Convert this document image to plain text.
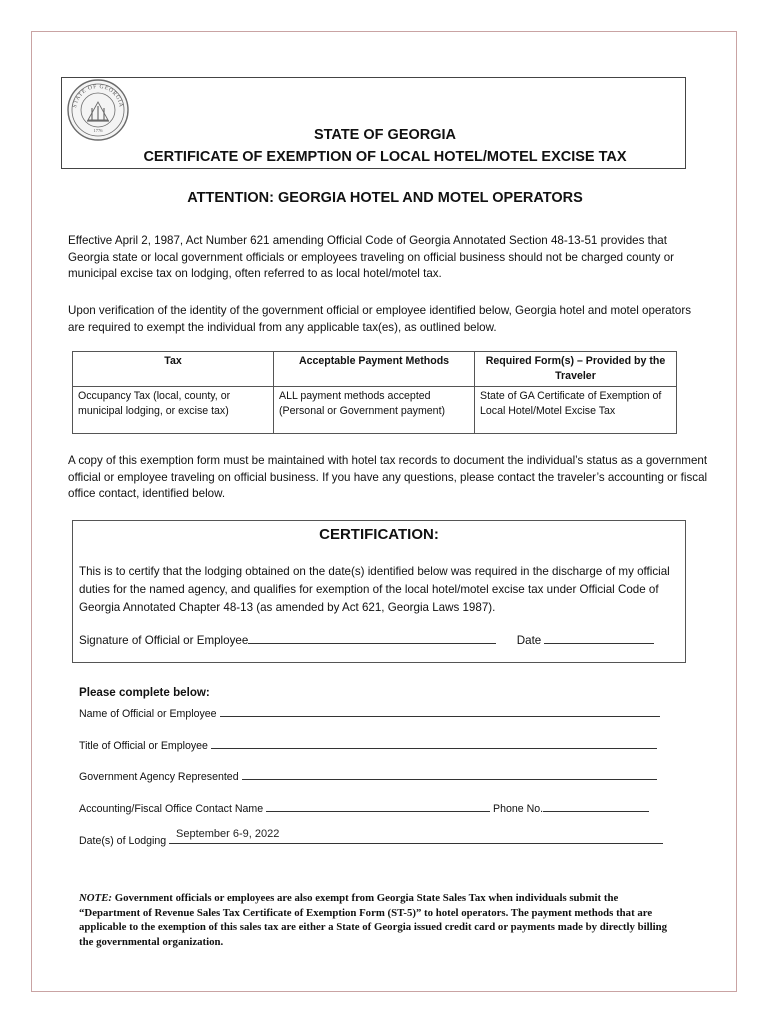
STATE OF GEORGIA
1776	STATE OF GEORGIA
CERTIFICATE OF EXEMPTION OF LOCAL HOTEL/MOTEL EXCISE TAX
ATTENTION: GEORGIA HOTEL AND MOTEL OPERATORS
Effective April 2, 1987, Act Number 621 amending Official Code of Georgia Annotated Section 48-13-51 provides that Georgia state or local government officials or employees traveling on official business should not be charged county or municipal excise tax on lodging, often referred to as local hotel/motel tax.
Upon verification of the identity of the government official or employee identified below, Georgia hotel and motel operators are required to exempt the individual from any applicable tax(es), as outlined below.
Tax	Acceptable Payment Methods	Required Form(s) – Provided by the Traveler
Occupancy Tax (local, county, or municipal lodging, or excise tax)	ALL payment methods accepted (Personal or Government payment)	State of GA Certificate of Exemption of Local Hotel/Motel Excise Tax
A copy of this exemption form must be maintained with hotel tax records to document the individual’s status as a government official or employee traveling on official business. If you have any questions, please contact the traveler’s accounting or fiscal office contact, identified below.
CERTIFICATION:
This is to certify that the lodging obtained on the date(s) identified below was required in the discharge of my official duties for the named agency, and qualifies for exemption of the local hotel/motel excise tax under Official Code of Georgia Annotated Chapter 48-13 (as amended by Act 621, Georgia Laws 1987).
Signature of Official or Employee	Date
Please complete below:
Name of Official or Employee
Title of Official or Employee
Government Agency Represented
Accounting/Fiscal Office Contact Name	Phone No.
Date(s) of Lodging
September 6-9, 2022
NOTE: Government officials or employees are also exempt from Georgia State Sales Tax when individuals submit the “Department of Revenue Sales Tax Certificate of Exemption Form (ST-5)” to hotel operators. The payment methods that are applicable to the exemption of this sales tax are either a State of Georgia issued credit card or payments made by directly billing the governmental organization.
